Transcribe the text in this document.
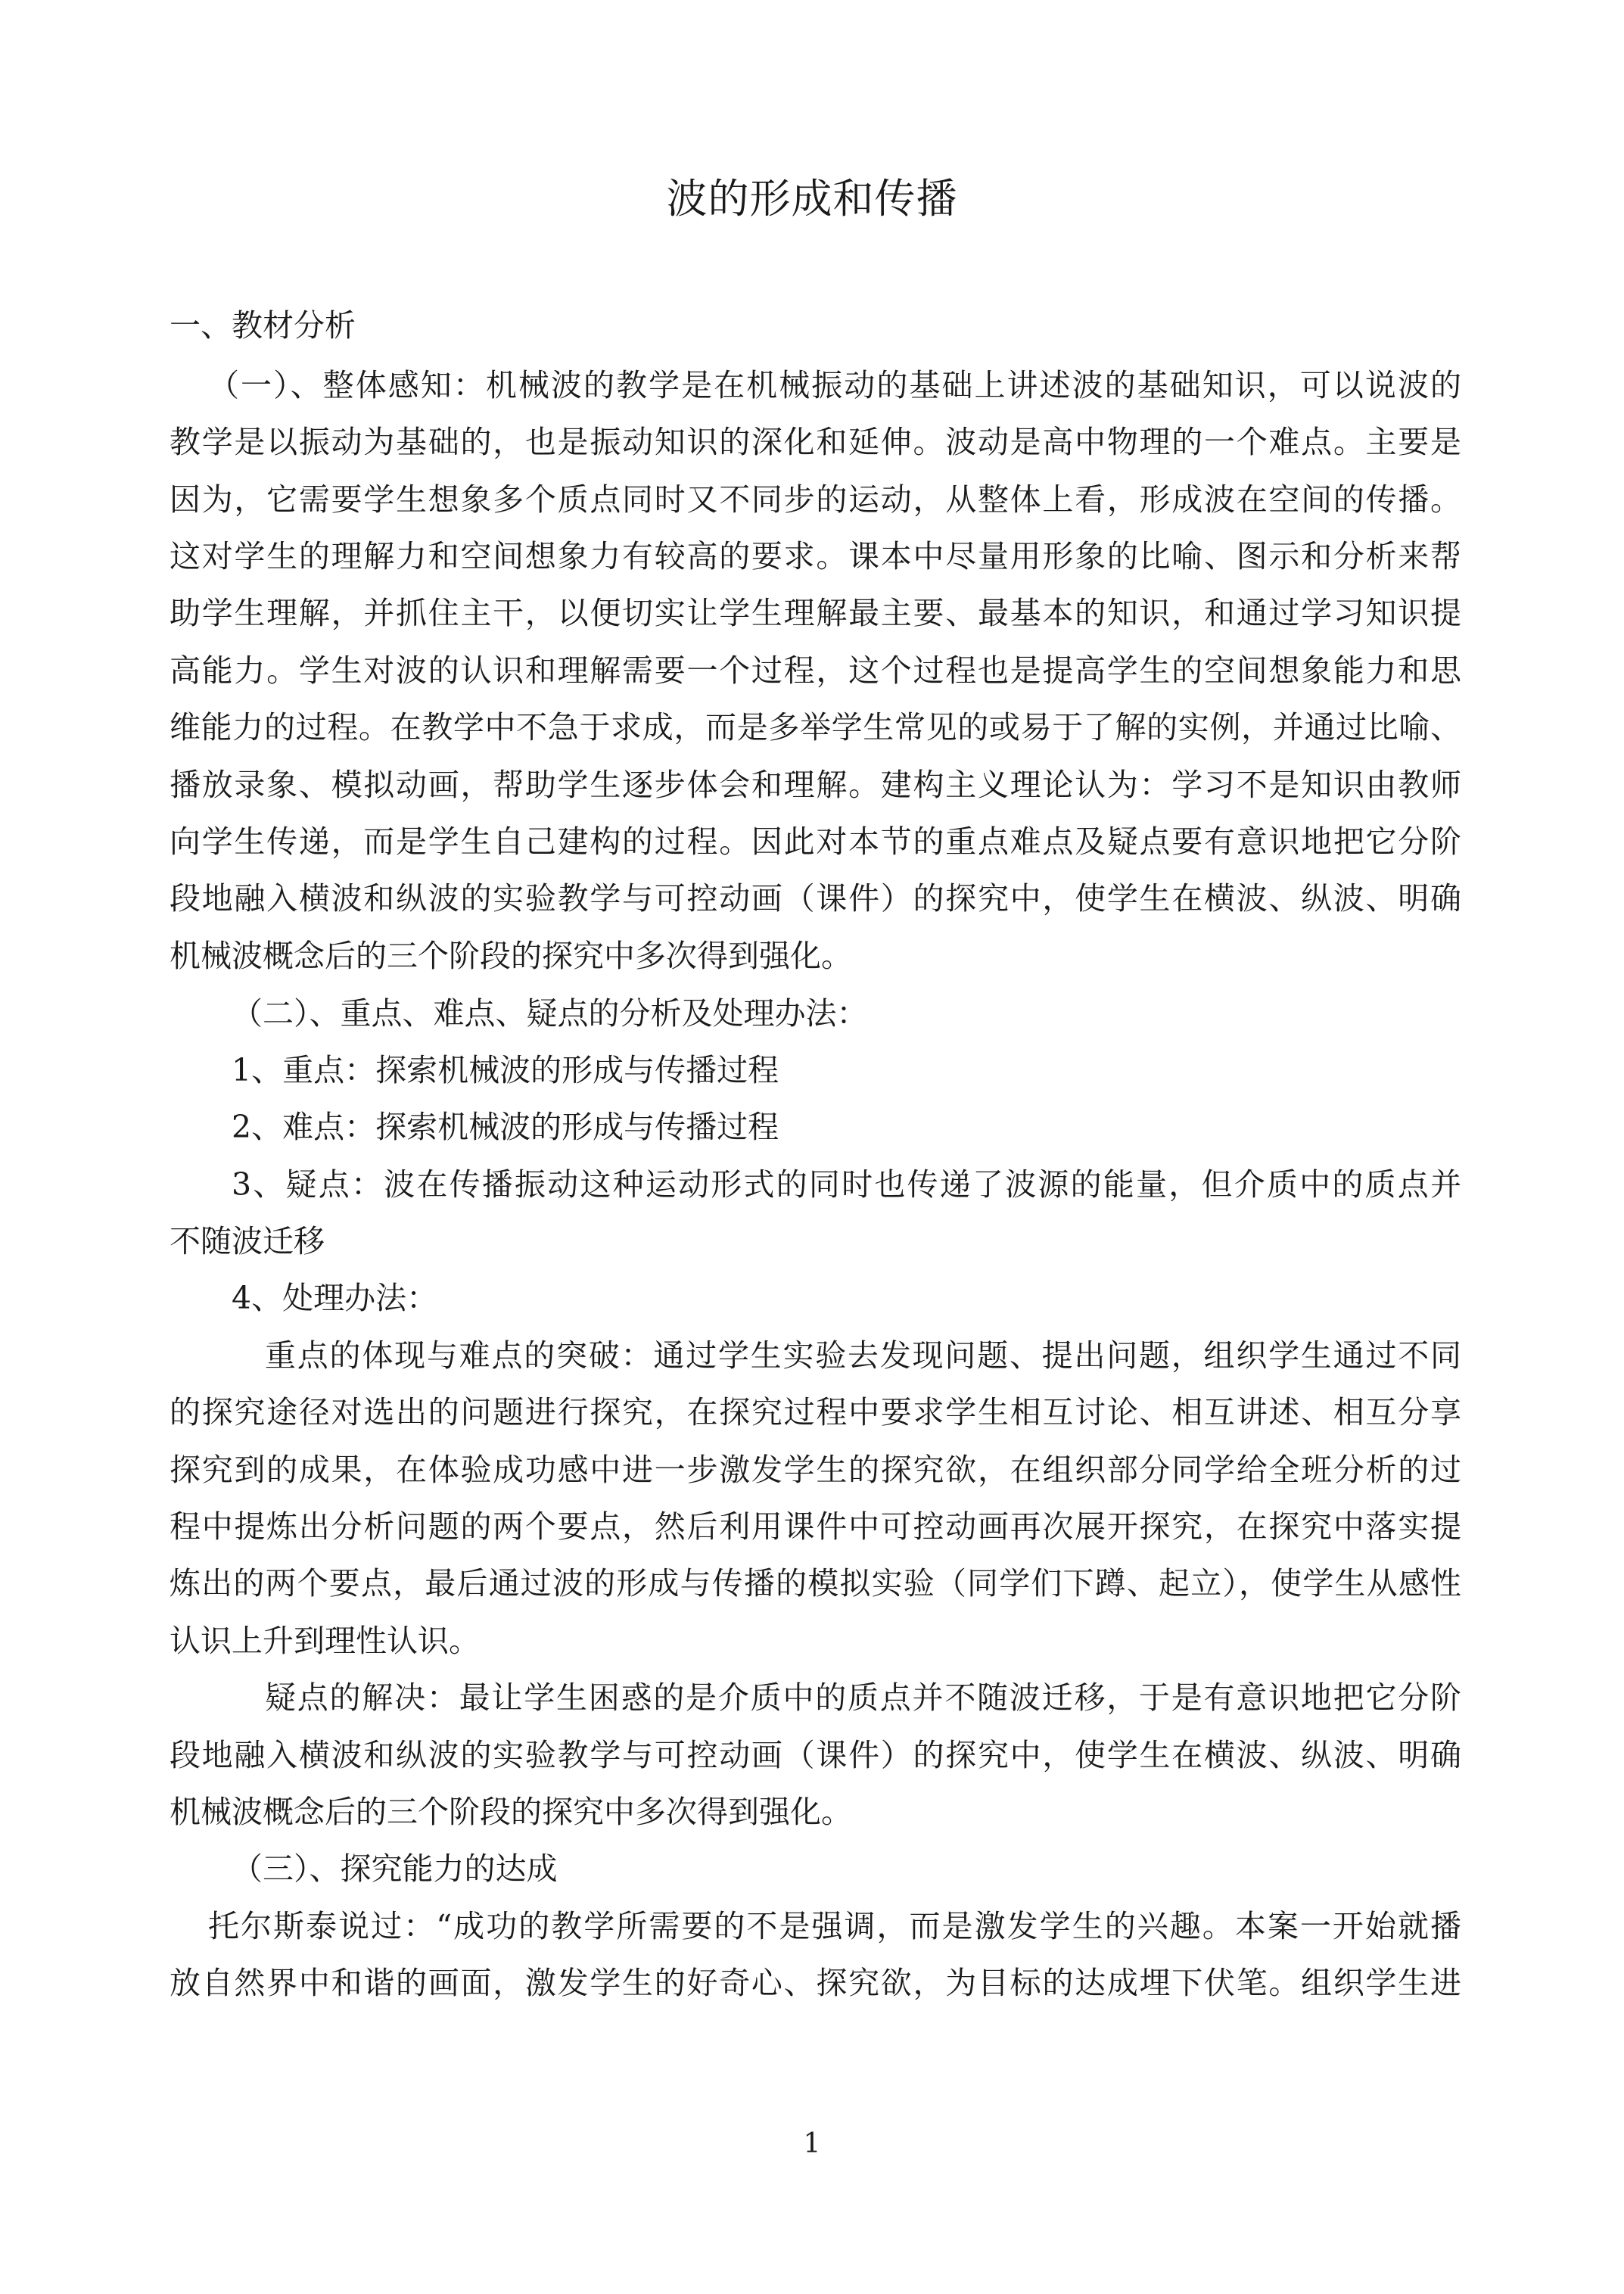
波的形成和传播
一、教材分析
（一）、整体感知：机械波的教学是在机械振动的基础上讲述波的基础知识，可以说波的
教学是以振动为基础的，也是振动知识的深化和延伸。波动是高中物理的一个难点。主要是
因为，它需要学生想象多个质点同时又不同步的运动，从整体上看，形成波在空间的传播。
这对学生的理解力和空间想象力有较高的要求。课本中尽量用形象的比喻、图示和分析来帮
助学生理解，并抓住主干，以便切实让学生理解最主要、最基本的知识，和通过学习知识提
高能力。学生对波的认识和理解需要一个过程，这个过程也是提高学生的空间想象能力和思
维能力的过程。在教学中不急于求成，而是多举学生常见的或易于了解的实例，并通过比喻、
播放录象、模拟动画，帮助学生逐步体会和理解。建构主义理论认为：学习不是知识由教师
向学生传递，而是学生自己建构的过程。因此对本节的重点难点及疑点要有意识地把它分阶
段地融入横波和纵波的实验教学与可控动画（课件）的探究中，使学生在横波、纵波、明确
机械波概念后的三个阶段的探究中多次得到强化。
（二）、重点、难点、疑点的分析及处理办法：
1、重点：探索机械波的形成与传播过程
2、难点：探索机械波的形成与传播过程
3、疑点：波在传播振动这种运动形式的同时也传递了波源的能量，但介质中的质点并
不随波迁移
4、处理办法：
重点的体现与难点的突破：通过学生实验去发现问题、提出问题，组织学生通过不同
的探究途径对选出的问题进行探究，在探究过程中要求学生相互讨论、相互讲述、相互分享
探究到的成果，在体验成功感中进一步激发学生的探究欲，在组织部分同学给全班分析的过
程中提炼出分析问题的两个要点，然后利用课件中可控动画再次展开探究，在探究中落实提
炼出的两个要点，最后通过波的形成与传播的模拟实验（同学们下蹲、起立），使学生从感性
认识上升到理性认识。
疑点的解决：最让学生困惑的是介质中的质点并不随波迁移，于是有意识地把它分阶
段地融入横波和纵波的实验教学与可控动画（课件）的探究中，使学生在横波、纵波、明确
机械波概念后的三个阶段的探究中多次得到强化。
（三）、探究能力的达成
托尔斯泰说过：“成功的教学所需要的不是强调，而是激发学生的兴趣。本案一开始就播
放自然界中和谐的画面，激发学生的好奇心、探究欲，为目标的达成埋下伏笔。组织学生进
1
